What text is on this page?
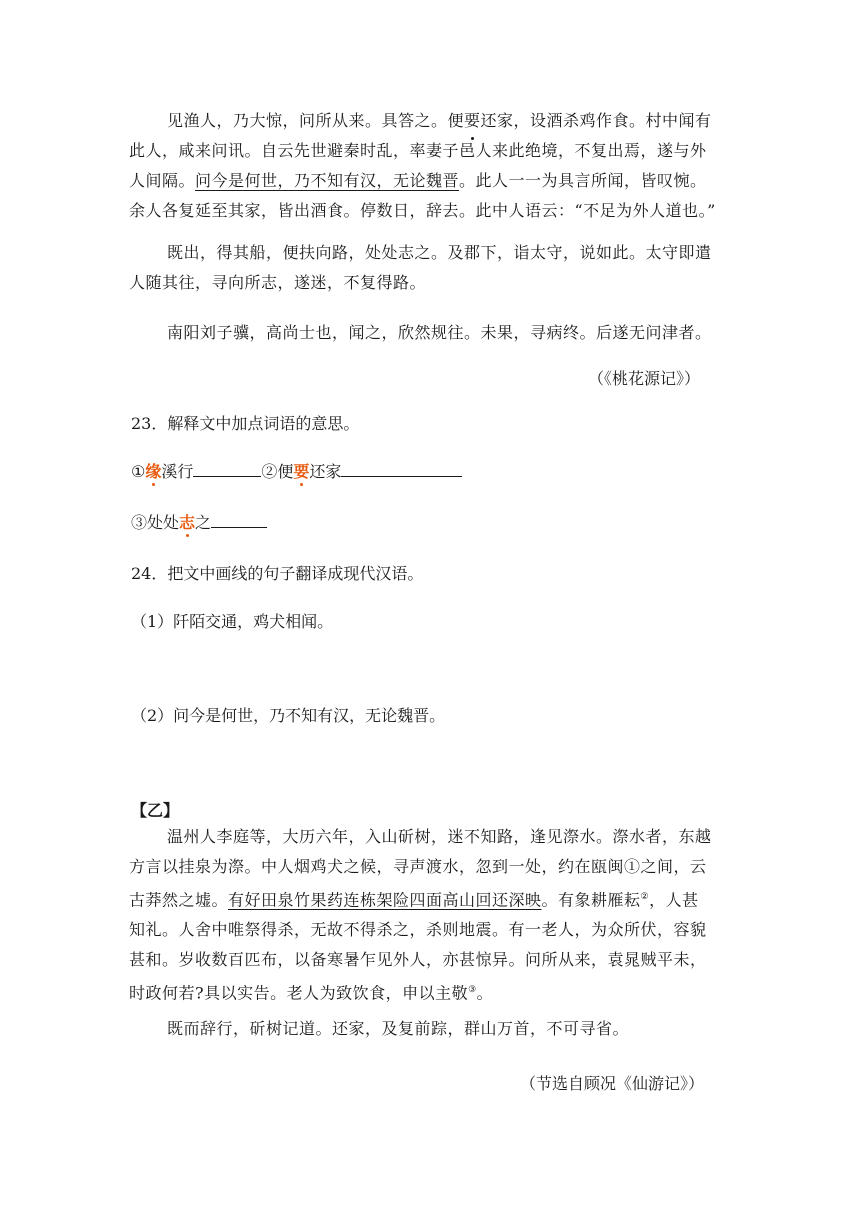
见渔人，乃大惊，问所从来。具答之。便要还家，设酒杀鸡作食。村中闻有
此人，咸来问讯。自云先世避秦时乱，率妻子邑人来此绝境，不复出焉，遂与外
人间隔。问今是何世，乃不知有汉，无论魏晋。此人一一为具言所闻，皆叹惋。
余人各复延至其家，皆出酒食。停数日，辞去。此中人语云：“不足为外人道也。”
既出，得其船，便扶向路，处处志之。及郡下，诣太守，说如此。太守即遣
人随其往，寻向所志，遂迷，不复得路。
南阳刘子骥，高尚士也，闻之，欣然规往。未果，寻病终。后遂无问津者。
（《桃花源记》）
23．解释文中加点词语的意思。
①缘溪行	②便要还家
③处处志之
24．把文中画线的句子翻译成现代汉语。
（1）阡陌交通，鸡犬相闻。
（2）问今是何世，乃不知有汉，无论魏晋。
【乙】
温州人李庭等，大历六年，入山斫树，迷不知路，逢见漈水。漈水者，东越
方言以挂泉为漈。中人烟鸡犬之候，寻声渡水，忽到一处，约在瓯闽①之间，云
古莽然之墟。有好田泉竹果药连栋架险四面高山回还深映。有象耕雁耘②，人甚
知礼。人舍中唯祭得杀，无故不得杀之，杀则地震。有一老人，为众所伏，容貌
甚和。岁收数百匹布，以备寒暑乍见外人，亦甚惊异。问所从来，袁晁贼平未，
时政何若?具以实告。老人为致饮食，申以主敬③。
既而辞行，斫树记道。还家，及复前踪，群山万首，不可寻省。
（节选自顾况《仙游记》）
